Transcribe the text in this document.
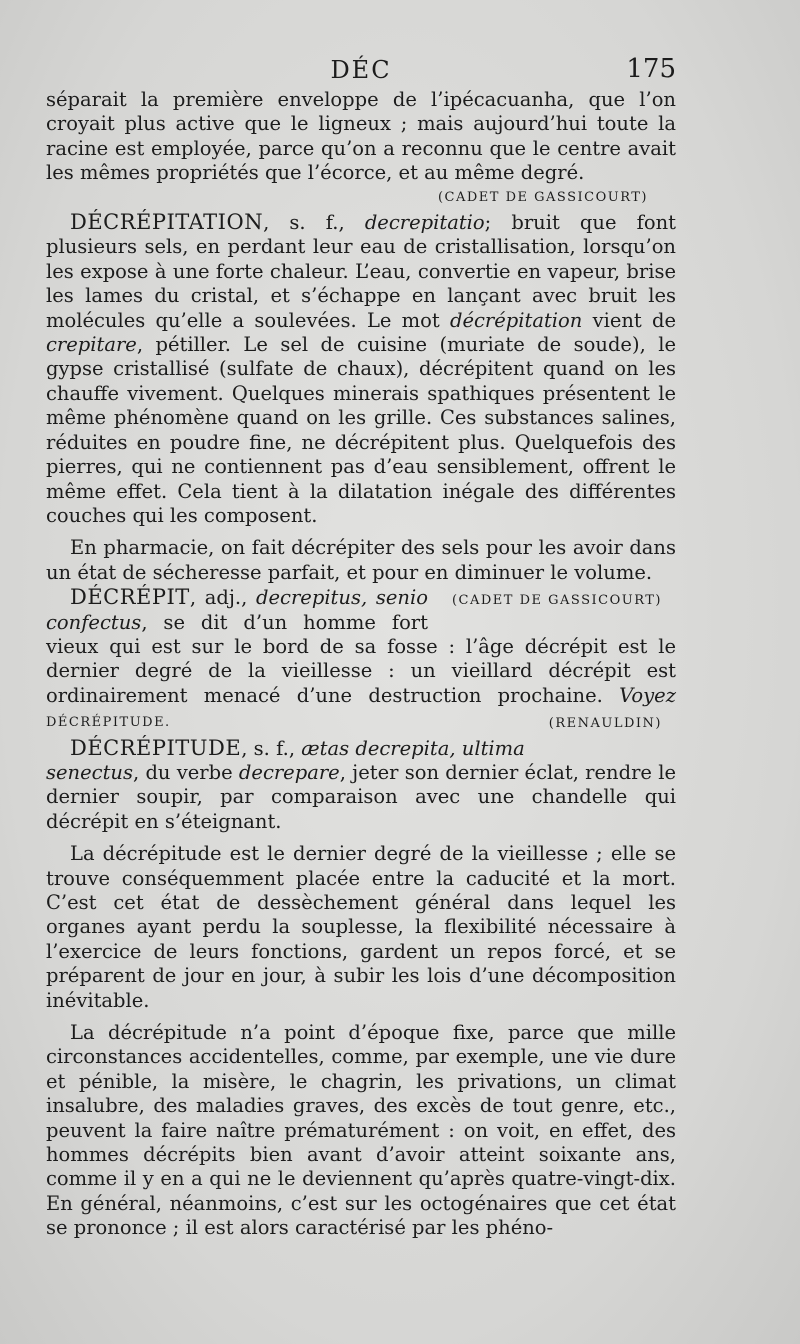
DÉC	175

séparait la première enveloppe de l’ipécacuanha, que l’on croyait plus active que le ligneux ; mais aujourd’hui toute la racine est employée, parce qu’on a reconnu que le centre avait les mêmes propriétés que l’écorce, et au même degré.

(CADET DE GASSICOURT)

DÉCRÉPITATION, s. f., decrepitatio; bruit que font plusieurs sels, en perdant leur eau de cristallisation, lorsqu’on les expose à une forte chaleur. L’eau, convertie en vapeur, brise les lames du cristal, et s’échappe en lançant avec bruit les molécules qu’elle a soulevées. Le mot décrépitation vient de crepitare, pétiller. Le sel de cuisine (muriate de soude), le gypse cristallisé (sulfate de chaux), décrépitent quand on les chauffe vivement. Quelques minerais spathiques présentent le même phénomène quand on les grille. Ces substances salines, réduites en poudre fine, ne décrépitent plus. Quelquefois des pierres, qui ne contiennent pas d’eau sensiblement, offrent le même effet. Cela tient à la dilatation inégale des différentes couches qui les composent.

En pharmacie, on fait décrépiter des sels pour les avoir dans un état de sécheresse parfait, et pour en diminuer le volume.
(CADET DE GASSICOURT)

DÉCRÉPIT, adj., decrepitus, senio confectus, se dit d’un homme fort vieux qui est sur le bord de sa fosse : l’âge décrépit est le dernier degré de la vieillesse : un vieillard décrépit est ordinairement menacé d’une destruction prochaine. Voyez DÉCRÉPITUDE.	(RENAULDIN)

DÉCRÉPITUDE, s. f., ætas decrepita, ultima senectus, du verbe decrepare, jeter son dernier éclat, rendre le dernier soupir, par comparaison avec une chandelle qui décrépit en s’éteignant.

La décrépitude est le dernier degré de la vieillesse ; elle se trouve conséquemment placée entre la caducité et la mort. C’est cet état de dessèchement général dans lequel les organes ayant perdu la souplesse, la flexibilité nécessaire à l’exercice de leurs fonctions, gardent un repos forcé, et se préparent de jour en jour, à subir les lois d’une décomposition inévitable.

La décrépitude n’a point d’époque fixe, parce que mille circonstances accidentelles, comme, par exemple, une vie dure et pénible, la misère, le chagrin, les privations, un climat insalubre, des maladies graves, des excès de tout genre, etc., peuvent la faire naître prématurément : on voit, en effet, des hommes décrépits bien avant d’avoir atteint soixante ans, comme il y en a qui ne le deviennent qu’après quatre-vingt-dix. En général, néanmoins, c’est sur les octogénaires que cet état se prononce ; il est alors caractérisé par les phéno-
